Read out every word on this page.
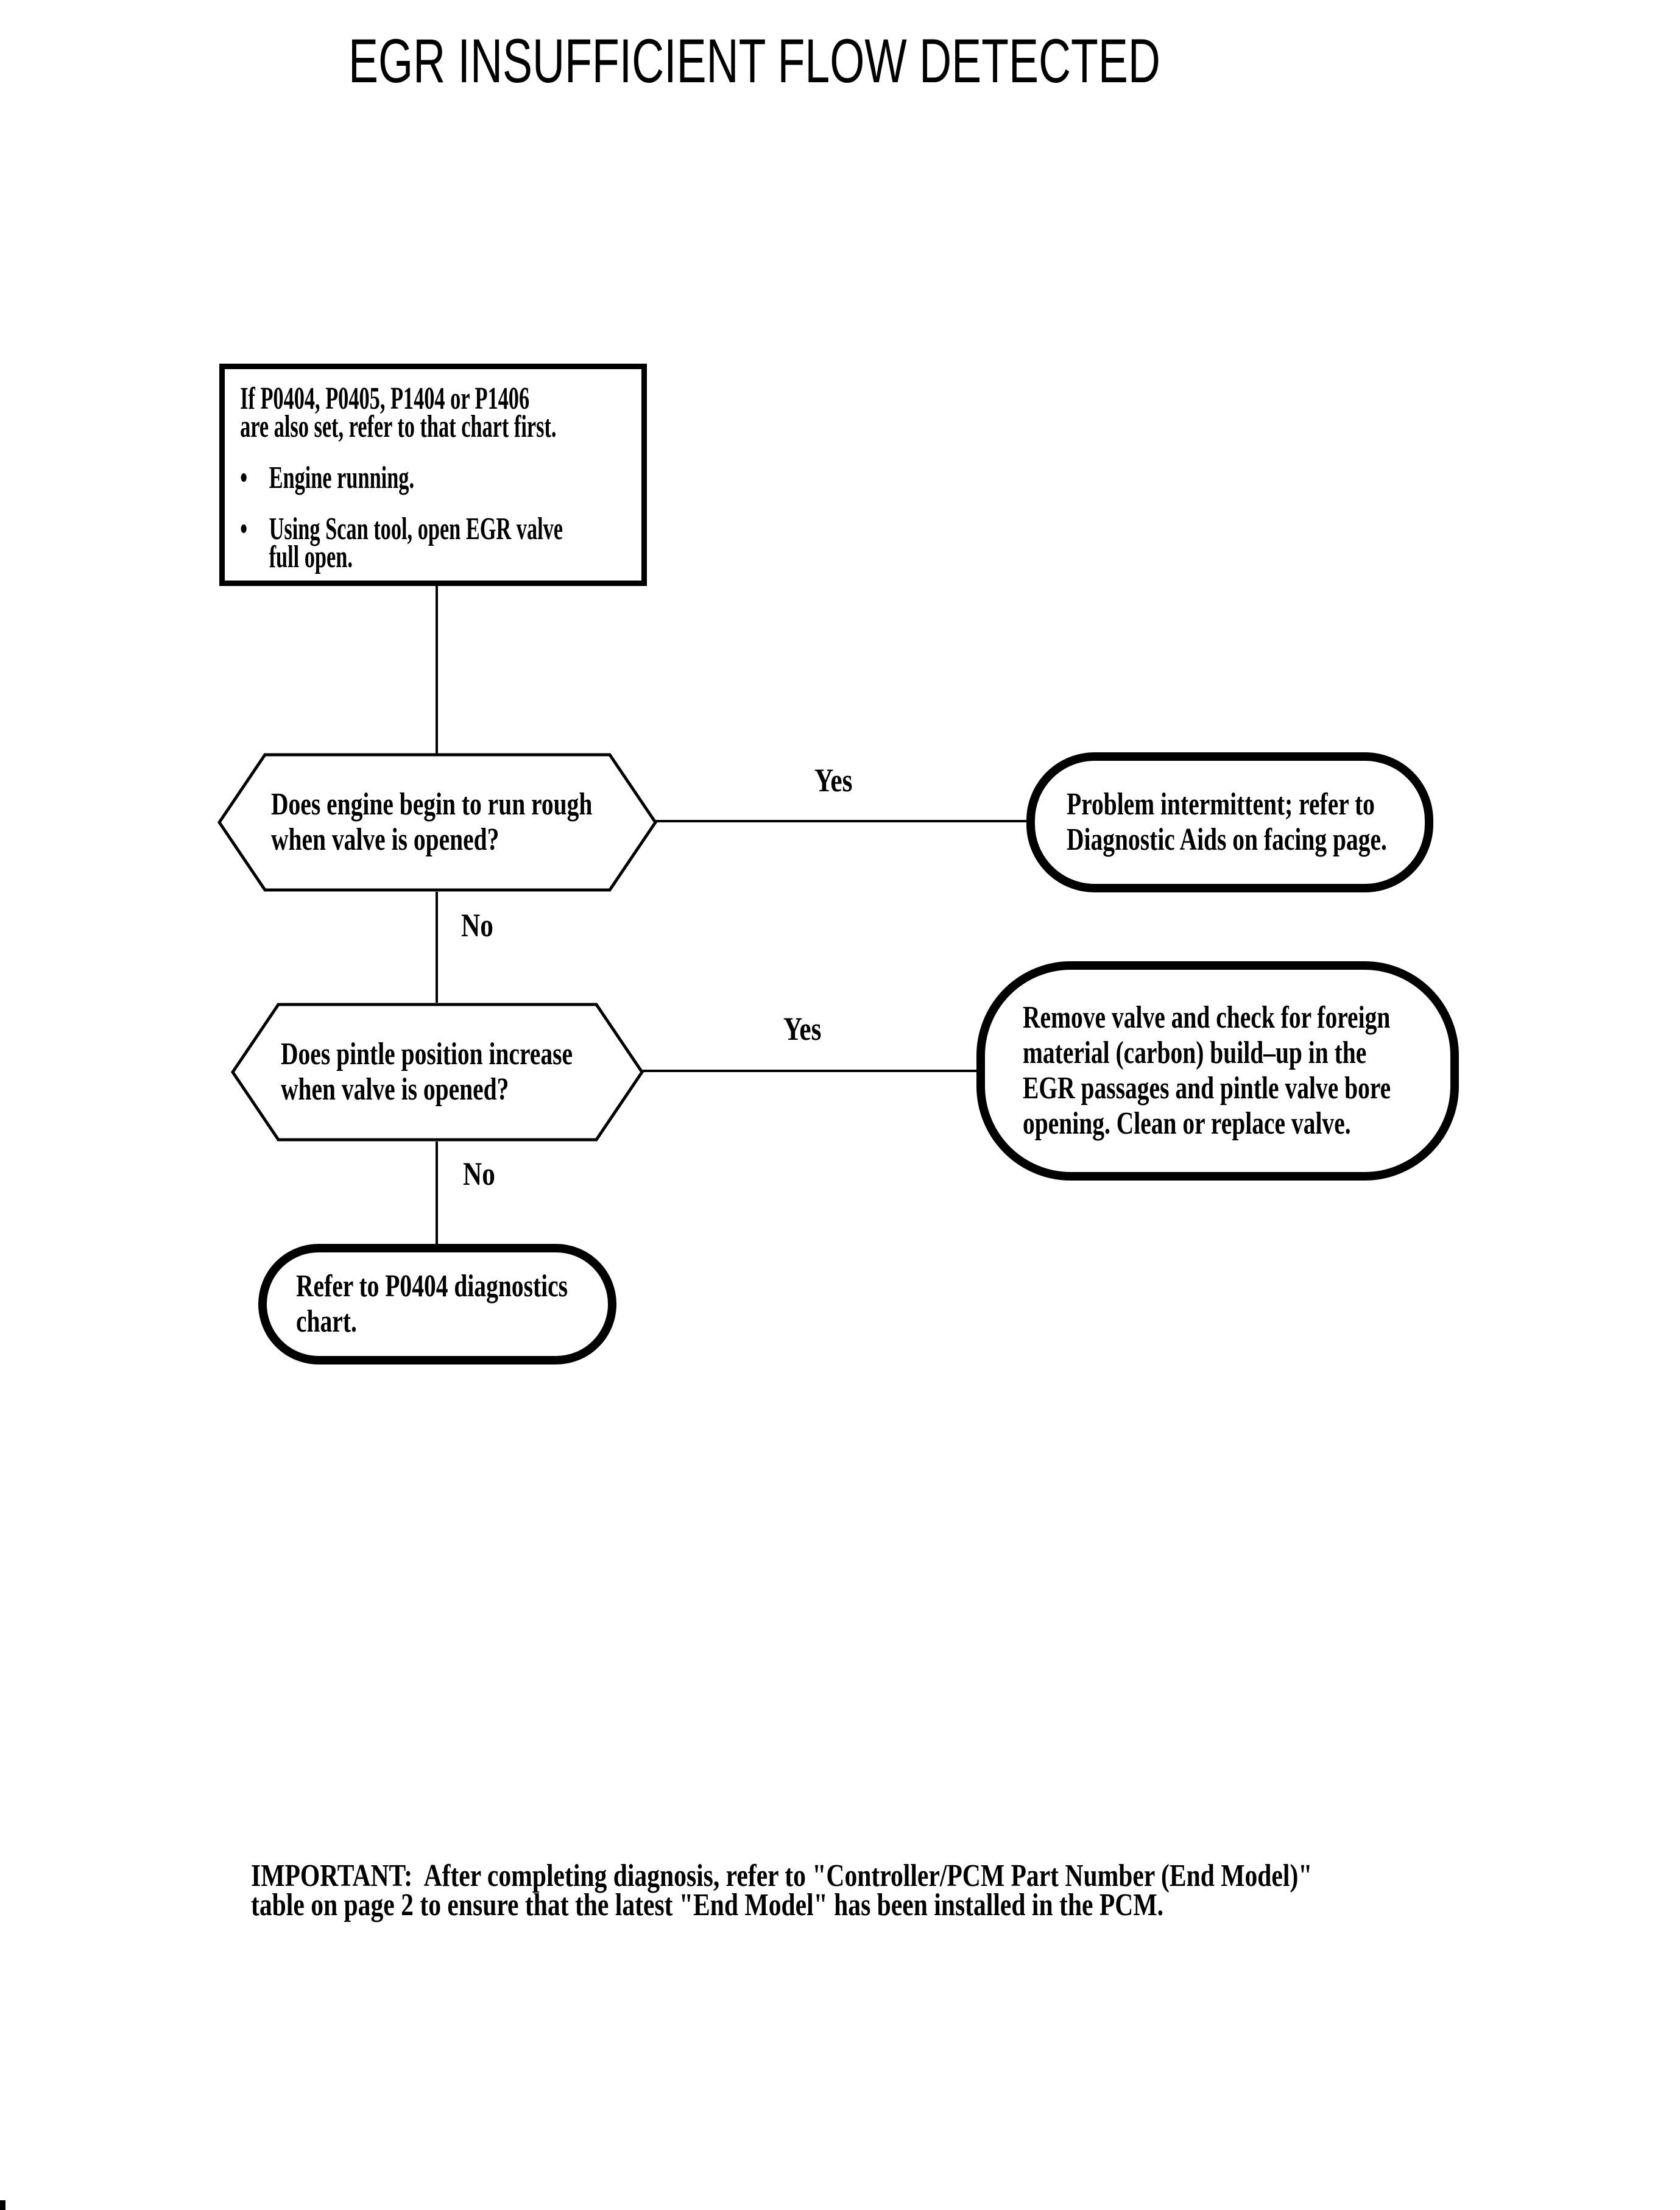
EGR INSUFFICIENT FLOW DETECTED
If P0404, P0405, P1404 or P1406
are also set, refer to that chart first.
• Engine running.
• Using Scan tool, open EGR valve
full open.
Does engine begin to run rough
when valve is opened?
Yes
Problem intermittent; refer to
Diagnostic Aids on facing page.
No
Does pintle position increase
when valve is opened?
Yes	Remove valve and check for foreign
material (carbon) build–up in the
EGR passages and pintle valve bore
opening. Clean or replace valve.
No
Refer to P0404 diagnostics
chart.
IMPORTANT:  After completing diagnosis, refer to "Controller/PCM Part Number (End Model)"
table on page 2 to ensure that the latest "End Model" has been installed in the PCM.
